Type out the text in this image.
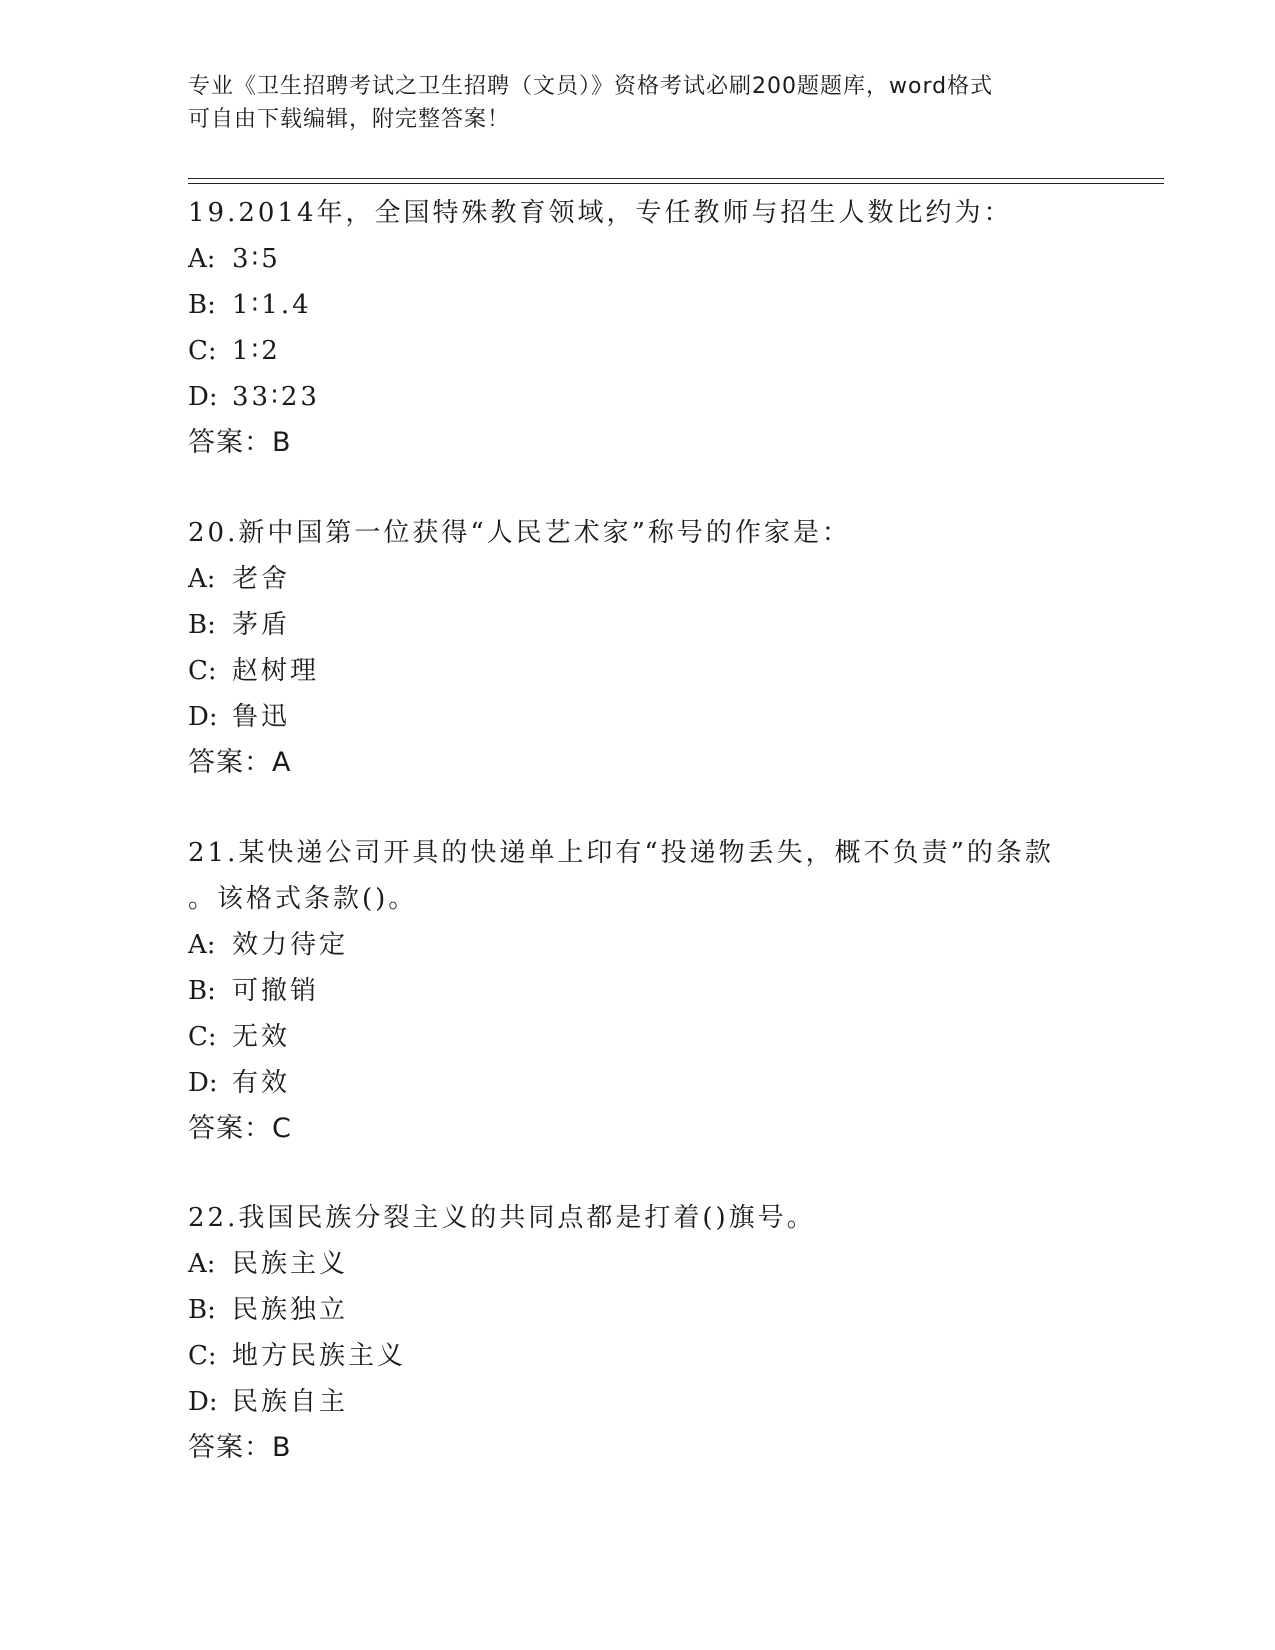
专业《卫生招聘考试之卫生招聘（文员）》资格考试必刷200题题库，word格式

可自由下载编辑，附完整答案！

19.2014年，全国特殊教育领域，专任教师与招生人数比约为：
A: 3∶5
B: 1∶1.4
C: 1∶2
D: 33∶23
答案：B
20.新中国第一位获得“人民艺术家”称号的作家是：
A: 老舍
B: 茅盾
C: 赵树理
D: 鲁迅
答案：A
21.某快递公司开具的快递单上印有“投递物丢失，概不负责”的条款
。该格式条款()。
A: 效力待定
B: 可撤销
C: 无效
D: 有效
答案：C
22.我国民族分裂主义的共同点都是打着()旗号。
A: 民族主义
B: 民族独立
C: 地方民族主义
D: 民族自主
答案：B
